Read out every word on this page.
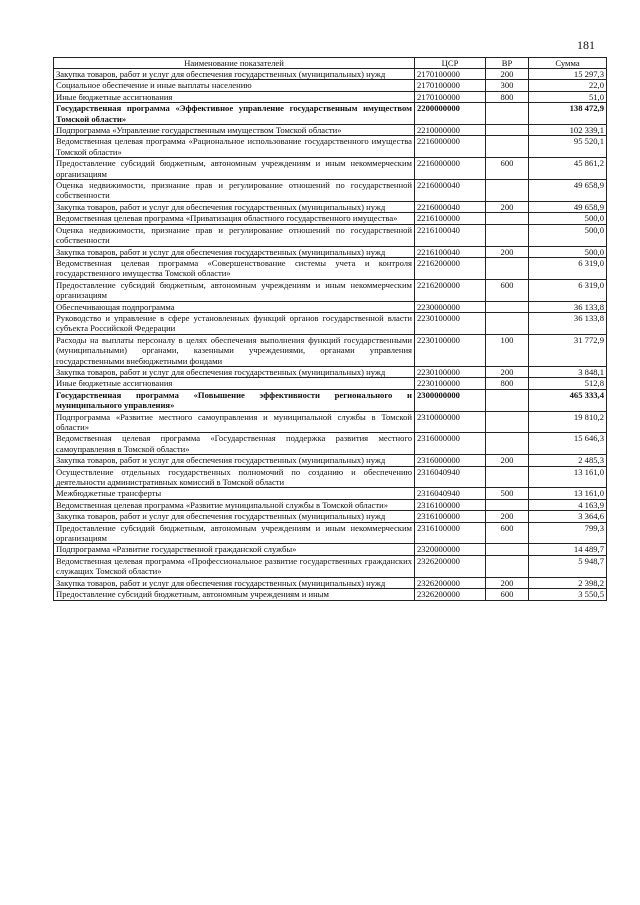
181
Наименование показателей	ЦСР	ВР	Сумма
Закупка товаров, работ и услуг для обеспечения государственных (муниципальных) нужд	2170100000	200	15 297,3
Социальное обеспечение и иные выплаты населению	2170100000	300	22,0
Иные бюджетные ассигнования	2170100000	800	51,0
Государственная программа «Эффективное управление государственным имуществом Томской области»	2200000000		138 472,9
Подпрограмма «Управление государственным имуществом Томской области»	2210000000		102 339,1
Ведомственная целевая программа «Рациональное использование государственного имущества Томской области»	2216000000		95 520,1
Предоставление субсидий бюджетным, автономным учреждениям и иным некоммерческим организациям	2216000000	600	45 861,2
Оценка недвижимости, признание прав и регулирование отношений по государственной собственности	2216000040		49 658,9
Закупка товаров, работ и услуг для обеспечения государственных (муниципальных) нужд	2216000040	200	49 658,9
Ведомственная целевая программа «Приватизация областного государственного имущества»	2216100000		500,0
Оценка недвижимости, признание прав и регулирование отношений по государственной собственности	2216100040		500,0
Закупка товаров, работ и услуг для обеспечения государственных (муниципальных) нужд	2216100040	200	500,0
Ведомственная целевая программа «Совершенствование системы учета и контроля государственного имущества Томской области»	2216200000		6 319,0
Предоставление субсидий бюджетным, автономным учреждениям и иным некоммерческим организациям	2216200000	600	6 319,0
Обеспечивающая подпрограмма	2230000000		36 133,8
Руководство и управление в сфере установленных функций органов государственной власти субъекта Российской Федерации	2230100000		36 133,8
Расходы на выплаты персоналу в целях обеспечения выполнения функций государственными (муниципальными) органами, казенными учреждениями, органами управления государственными внебюджетными фондами	2230100000	100	31 772,9
Закупка товаров, работ и услуг для обеспечения государственных (муниципальных) нужд	2230100000	200	3 848,1
Иные бюджетные ассигнования	2230100000	800	512,8
Государственная программа «Повышение эффективности регионального и муниципального управления»	2300000000		465 333,4
Подпрограмма «Развитие местного самоуправления и муниципальной службы в Томской области»	2310000000		19 810,2
Ведомственная целевая программа «Государственная поддержка развития местного самоуправления в Томской области»	2316000000		15 646,3
Закупка товаров, работ и услуг для обеспечения государственных (муниципальных) нужд	2316000000	200	2 485,3
Осуществление отдельных государственных полномочий по созданию и обеспечению деятельности административных комиссий в Томской области	2316040940		13 161,0
Межбюджетные трансферты	2316040940	500	13 161,0
Ведомственная целевая программа «Развитие муниципальной службы в Томской области»	2316100000		4 163,9
Закупка товаров, работ и услуг для обеспечения государственных (муниципальных) нужд	2316100000	200	3 364,6
Предоставление субсидий бюджетным, автономным учреждениям и иным некоммерческим организациям	2316100000	600	799,3
Подпрограмма «Развитие государственной гражданской службы»	2320000000		14 489,7
Ведомственная целевая программа «Профессиональное развитие государственных гражданских служащих Томской области»	2326200000		5 948,7
Закупка товаров, работ и услуг для обеспечения государственных (муниципальных) нужд	2326200000	200	2 398,2
Предоставление субсидий бюджетным, автономным учреждениям и иным	2326200000	600	3 550,5
